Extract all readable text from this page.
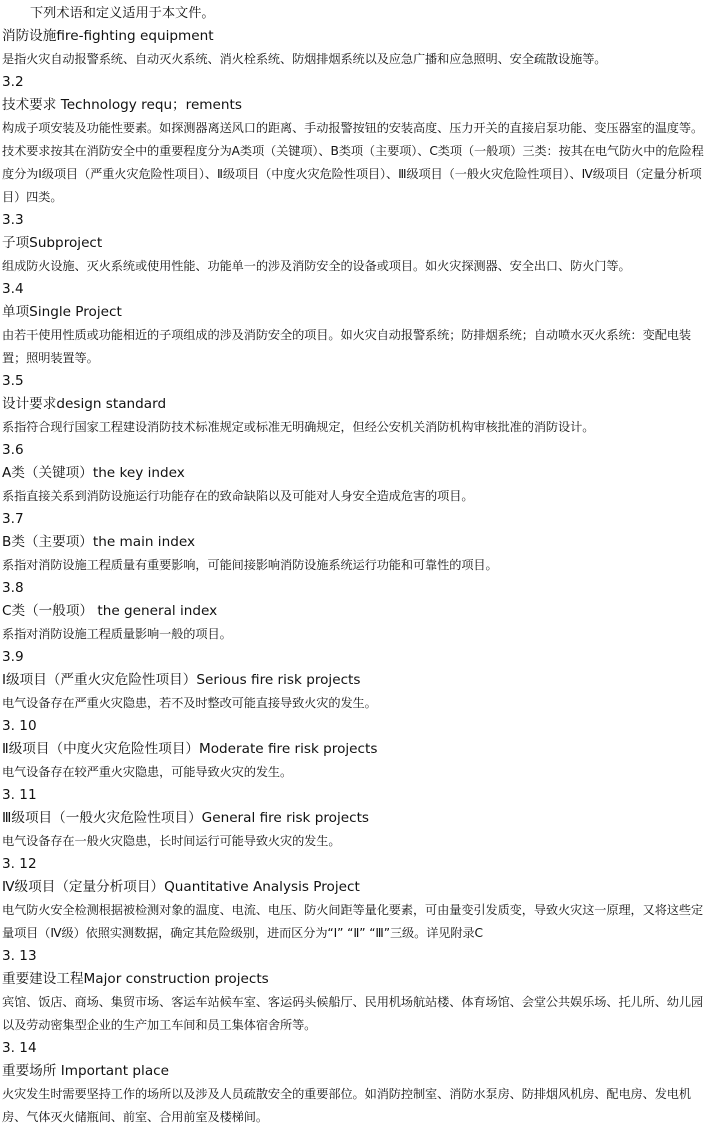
下列术语和定义适用于本文件。

消防设施fire-fighting equipment

是指火灾自动报警系统、自动灭火系统、消火栓系统、防烟排烟系统以及应急广播和应急照明、安全疏散设施等。

3.2

技术要求 Technology requ；rements

构成子项安装及功能性要素。如探测器离送风口的距离、手动报警按钮的安装高度、压力开关的直接启泵功能、变压器室的温度等。技术要求按其在消防安全中的重要程度分为A类项（关键项）、B类项（主要项）、C类项（一般项）三类：按其在电气防火中的危险程度分为Ⅰ级项目（严重火灾危险性项目）、Ⅱ级项目（中度火灾危险性项目）、Ⅲ级项目（一般火灾危险性项目）、Ⅳ级项目（定量分析项目）四类。

3.3

子项Subproject

组成防火设施、灭火系统或使用性能、功能单一的涉及消防安全的设备或项目。如火灾探测器、安全出口、防火门等。

3.4

单项Single Project

由若干使用性质或功能相近的子项组成的涉及消防安全的项目。如火灾自动报警系统；防排烟系统；自动喷水灭火系统：变配电装置；照明装置等。

3.5

设计要求design standard

系指符合现行国家工程建设消防技术标准规定或标准无明确规定，但经公安机关消防机构审核批准的消防设计。

3.6

A类（关键项）the key index

系指直接关系到消防设施运行功能存在的致命缺陷以及可能对人身安全造成危害的项目。

3.7

B类（主要项）the main index

系指对消防设施工程质量有重要影响，可能间接影响消防设施系统运行功能和可靠性的项目。

3.8

C类（一般项） the general index

系指对消防设施工程质量影响一般的项目。

3.9

Ⅰ级项目（严重火灾危险性项目）Serious fire risk projects

电气设备存在严重火灾隐患，若不及时整改可能直接导致火灾的发生。

3. 10

Ⅱ级项目（中度火灾危险性项目）Moderate fire risk projects

电气设备存在较严重火灾隐患，可能导致火灾的发生。

3. 11

Ⅲ级项目（一般火灾危险性项目）General fire risk projects

电气设备存在一般火灾隐患，长时间运行可能导致火灾的发生。

3. 12

Ⅳ级项目（定量分析项目）Quantitative Analysis Project

电气防火安全检测根据被检测对象的温度、电流、电压、防火间距等量化要素，可由量变引发质变，导致火灾这一原理，又将这些定量项目（Ⅳ级）依照实测数据，确定其危险级别，进而区分为“Ⅰ” “Ⅱ” “Ⅲ”三级。详见附录C

3. 13

重要建设工程Major construction projects

宾馆、饭店、商场、集贸市场、客运车站候车室、客运码头候船厅、民用机场航站楼、体育场馆、会堂公共娱乐场、托儿所、幼儿园以及劳动密集型企业的生产加工车间和员工集体宿舍所等。

3. 14

重要场所 Important place

火灾发生时需要坚持工作的场所以及涉及人员疏散安全的重要部位。如消防控制室、消防水泵房、防排烟风机房、配电房、发电机房、气体灭火储瓶间、前室、合用前室及楼梯间。
